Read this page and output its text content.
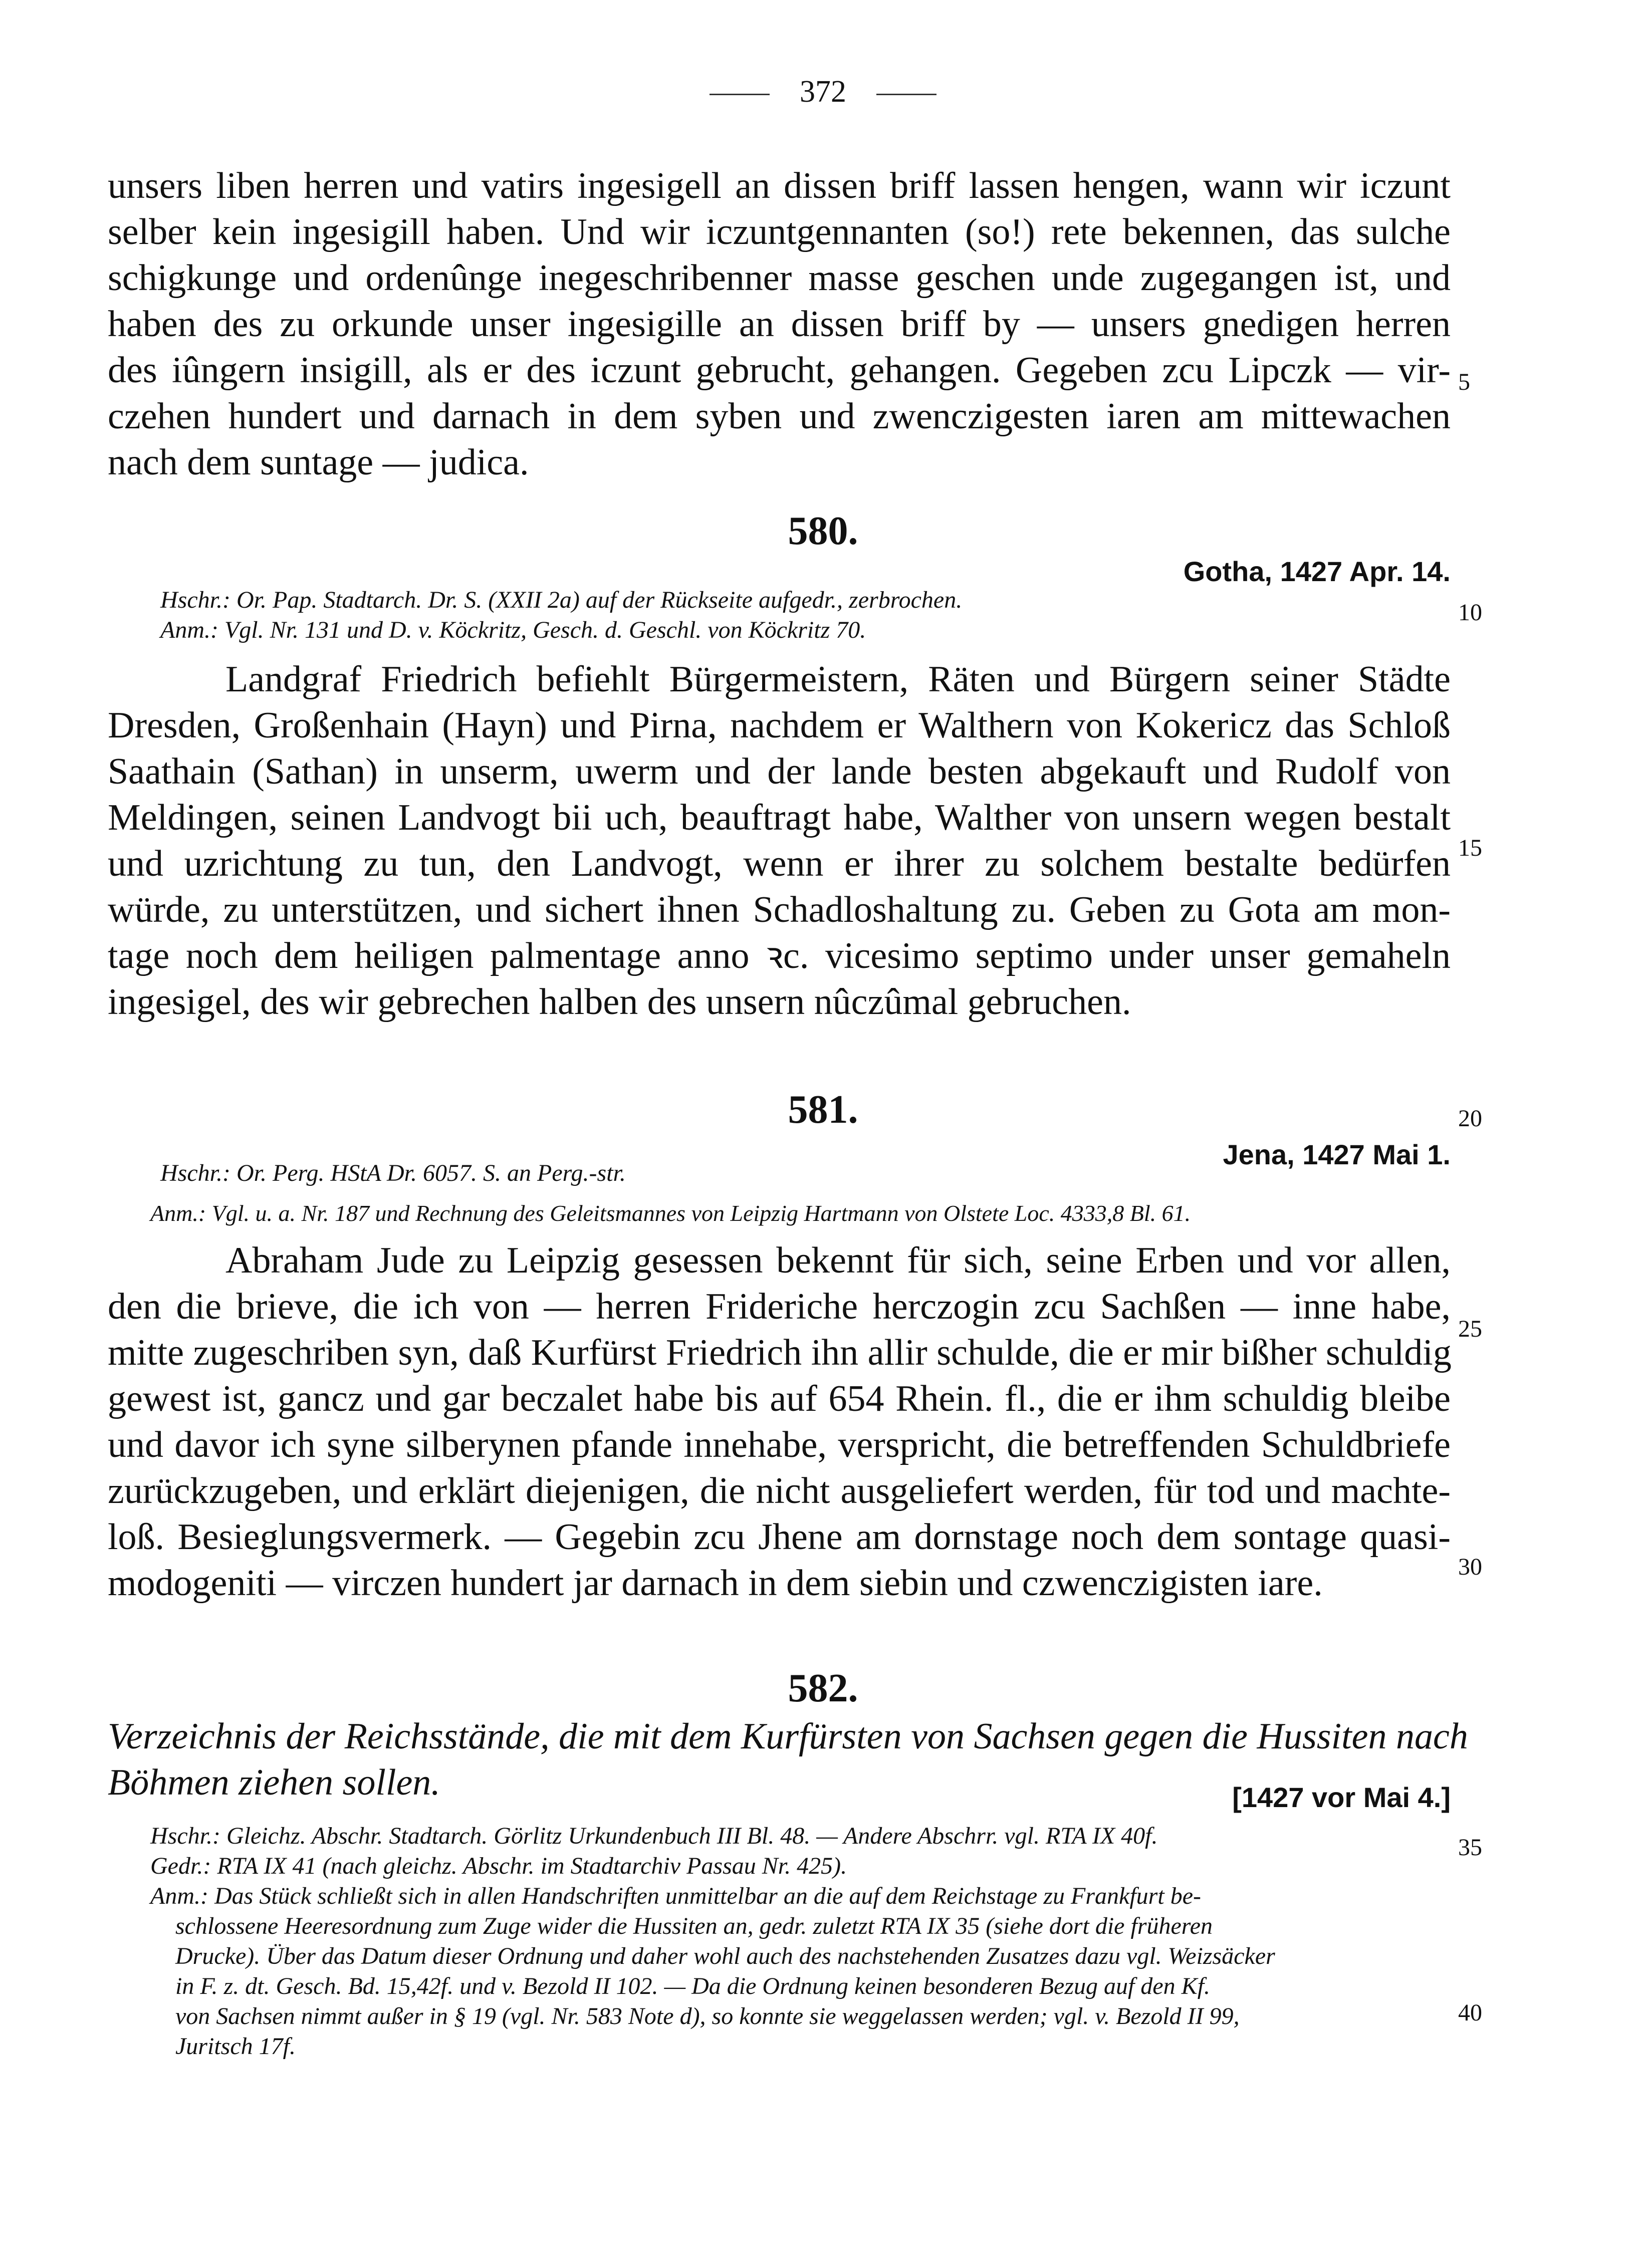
372
unsers liben herren und vatirs ingesigell an dissen briff lassen hengen, wann wir iczunt
selber kein ingesigill haben. Und wir iczuntgennanten (so!) rete bekennen, das sulche
schigkunge und ordenûnge inegeschribenner masse geschen unde zugegangen ist, und
haben des zu orkunde unser ingesigille an dissen briff by — unsers gnedigen herren
des iûngern insigill, als er des iczunt gebrucht, gehangen. Gegeben zcu Lipczk — vir-
czehen hundert und darnach in dem syben und zwenczigesten iaren am mittewachen
nach dem suntage — judica.
580.
Gotha, 1427 Apr. 14.
Hschr.: Or. Pap. Stadtarch. Dr. S. (XXII 2a) auf der Rückseite aufgedr., zerbrochen.
Anm.: Vgl. Nr. 131 und D. v. Köckritz, Gesch. d. Geschl. von Köckritz 70.
Landgraf Friedrich befiehlt Bürgermeistern, Räten und Bürgern seiner Städte
Dresden, Großenhain (Hayn) und Pirna, nachdem er Walthern von Kokericz das Schloß
Saathain (Sathan) in unserm, uwerm und der lande besten abgekauft und Rudolf von
Meldingen, seinen Landvogt bii uch, beauftragt habe, Walther von unsern wegen bestalt
und uzrichtung zu tun, den Landvogt, wenn er ihrer zu solchem bestalte bedürfen
würde, zu unterstützen, und sichert ihnen Schadloshaltung zu. Geben zu Gota am mon-
tage noch dem heiligen palmentage anno ꝛc. vicesimo septimo under unser gemaheln
ingesigel, des wir gebrechen halben des unsern nûczûmal gebruchen.
581.
Jena, 1427 Mai 1.
Hschr.: Or. Perg. HStA Dr. 6057. S. an Perg.-str.
Anm.: Vgl. u. a. Nr. 187 und Rechnung des Geleitsmannes von Leipzig Hartmann von Olstete Loc. 4333,8 Bl. 61.
Abraham Jude zu Leipzig gesessen bekennt für sich, seine Erben und vor allen,
den die brieve, die ich von — herren Frideriche herczogin zcu Sachßen — inne habe,
mitte zugeschriben syn, daß Kurfürst Friedrich ihn allir schulde, die er mir bißher schuldig
gewest ist, gancz und gar beczalet habe bis auf 654 Rhein. fl., die er ihm schuldig bleibe
und davor ich syne silberynen pfande innehabe, verspricht, die betreffenden Schuldbriefe
zurückzugeben, und erklärt diejenigen, die nicht ausgeliefert werden, für tod und machte-
loß. Besieglungsvermerk. — Gegebin zcu Jhene am dornstage noch dem sontage quasi-
modogeniti — virczen hundert jar darnach in dem siebin und czwenczigisten iare.
582.
Verzeichnis der Reichsstände, die mit dem Kurfürsten von Sachsen gegen die Hussiten nach
Böhmen ziehen sollen.	[1427 vor Mai 4.]
Hschr.: Gleichz. Abschr. Stadtarch. Görlitz Urkundenbuch III Bl. 48. — Andere Abschrr. vgl. RTA IX 40f.
Gedr.: RTA IX 41 (nach gleichz. Abschr. im Stadtarchiv Passau Nr. 425).
Anm.: Das Stück schließt sich in allen Handschriften unmittelbar an die auf dem Reichstage zu Frankfurt be-
schlossene Heeresordnung zum Zuge wider die Hussiten an, gedr. zuletzt RTA IX 35 (siehe dort die früheren
Drucke). Über das Datum dieser Ordnung und daher wohl auch des nachstehenden Zusatzes dazu vgl. Weizsäcker
in F. z. dt. Gesch. Bd. 15,42f. und v. Bezold II 102. — Da die Ordnung keinen besonderen Bezug auf den Kf.
von Sachsen nimmt außer in § 19 (vgl. Nr. 583 Note d), so konnte sie weggelassen werden; vgl. v. Bezold II 99,
Juritsch 17f.
5
10
15
20
25
30
35
40
